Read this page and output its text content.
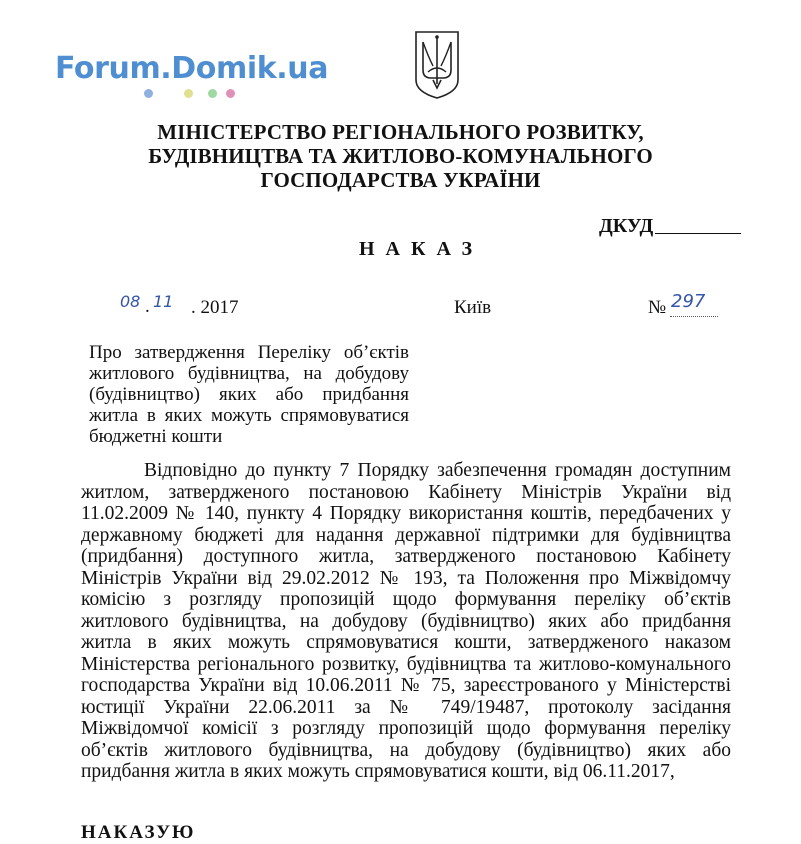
Forum.Domik.ua
МІНІСТЕРСТВО РЕГІОНАЛЬНОГО РОЗВИТКУ,
БУДІВНИЦТВА ТА ЖИТЛОВО-КОМУНАЛЬНОГО
ГОСПОДАРСТВА УКРАЇНИ
ДКУД
НАКАЗ
08 . 11 . 2017	Київ	№ 297
Про затвердження Переліку об’єктів
житлового будівництва, на добудову
(будівництво) яких або придбання
житла в яких можуть спрямовуватися
бюджетні кошти
Відповідно до пункту 7 Порядку забезпечення громадян доступним
житлом, затвердженого постановою Кабінету Міністрів України від
11.02.2009 № 140, пункту 4 Порядку використання коштів, передбачених у
державному бюджеті для надання державної підтримки для будівництва
(придбання) доступного житла, затвердженого постановою Кабінету
Міністрів України від 29.02.2012 № 193, та Положення про Міжвідомчу
комісію з розгляду пропозицій щодо формування переліку об’єктів
житлового будівництва, на добудову (будівництво) яких або придбання
житла в яких можуть спрямовуватися кошти, затвердженого наказом
Міністерства регіонального розвитку, будівництва та житлово-комунального
господарства України від 10.06.2011 № 75, зареєстрованого у Міністерстві
юстиції України 22.06.2011 за № 749/19487, протоколу засідання
Міжвідомчої комісії з розгляду пропозицій щодо формування переліку
об’єктів житлового будівництва, на добудову (будівництво) яких або
придбання житла в яких можуть спрямовуватися кошти, від 06.11.2017,
НАКАЗУЮ
